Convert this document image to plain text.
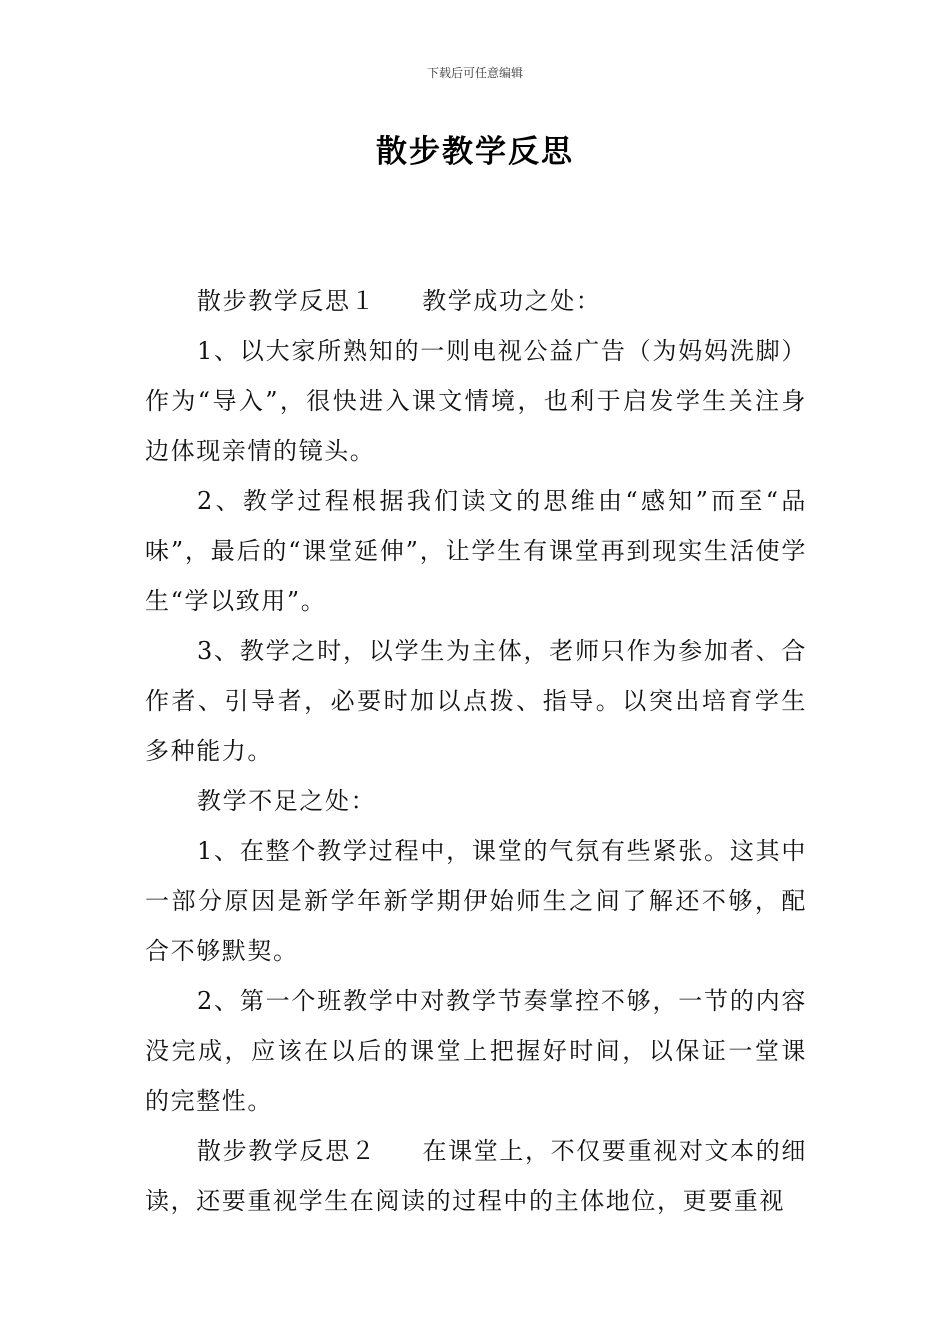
下载后可任意编辑
散步教学反思

散步教学反思１ 教学成功之处：

1、以大家所熟知的一则电视公益广告（为妈妈洗脚）作为“导入”，很快进入课文情境，也利于启发学生关注身边体现亲情的镜头。

2、教学过程根据我们读文的思维由“感知”而至“品味”，最后的“课堂延伸”，让学生有课堂再到现实生活使学生“学以致用”。

3、教学之时，以学生为主体，老师只作为参加者、合作者、引导者，必要时加以点拨、指导。以突出培育学生多种能力。

教学不足之处：

1、在整个教学过程中，课堂的气氛有些紧张。这其中一部分原因是新学年新学期伊始师生之间了解还不够，配合不够默契。

2、第一个班教学中对教学节奏掌控不够，一节的内容没完成，应该在以后的课堂上把握好时间，以保证一堂课的完整性。

散步教学反思２ 在课堂上，不仅要重视对文本的细读，还要重视学生在阅读的过程中的主体地位，更要重视
